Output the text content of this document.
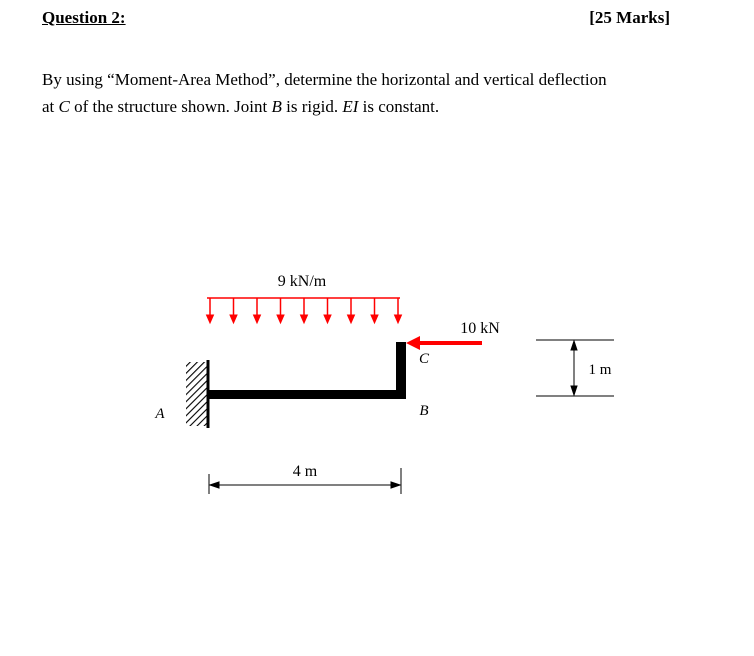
Question 2:	[25 Marks]
By using “Moment-Area Method”, determine the horizontal and vertical deflection
at C of the structure shown. Joint B is rigid. EI is constant.
9 kN/m
A
C
B
10 kN
1 m
4 m
